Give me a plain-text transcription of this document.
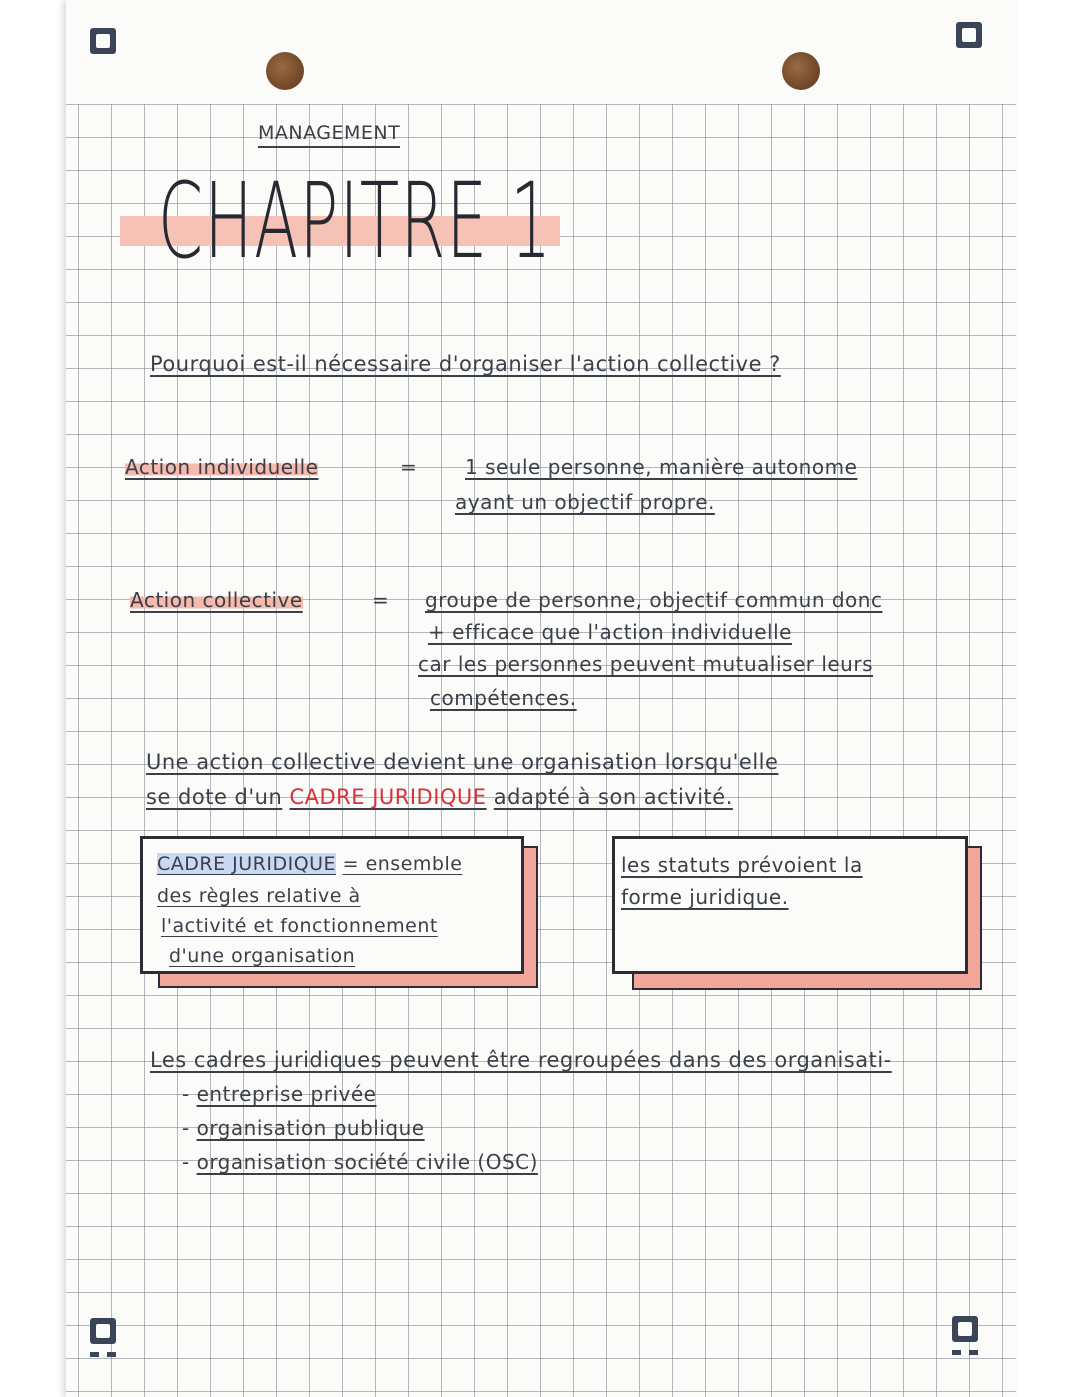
MANAGEMENT
CHAPITRE 1
Pourquoi est-il nécessaire d'organiser l'action collective ?
Action individuelle	= 1 seule personne, manière autonome
ayant un objectif propre.
Action collective	= groupe de personne, objectif commun donc
+ efficace que l'action individuelle
car les personnes peuvent mutualiser leurs
compétences.
Une action collective devient une organisation lorsqu'elle
se dote d'un CADRE JURIDIQUE adapté à son activité.
CADRE JURIDIQUE = ensemble
des règles relative à
l'activité et fonctionnement
d'une organisation
les statuts prévoient la
forme juridique.
Les cadres juridiques peuvent être regroupées dans des organisati-
- entreprise privée
- organisation publique
- organisation société civile (OSC)
